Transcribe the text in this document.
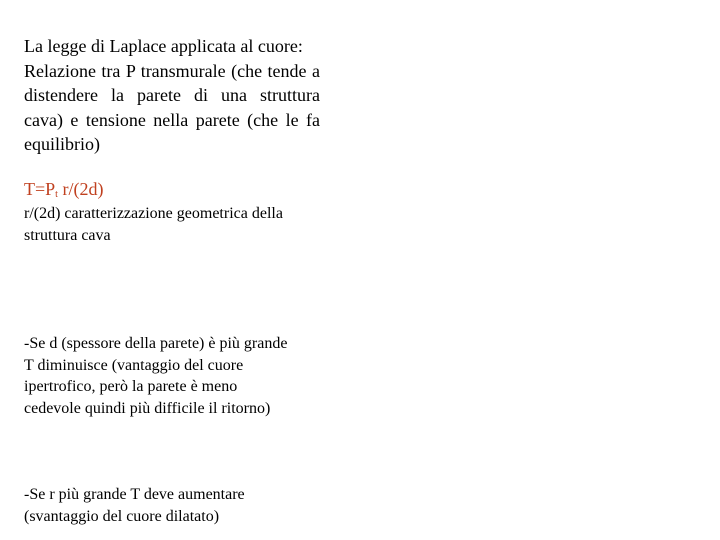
La legge di Laplace applicata al cuore:

Relazione tra P transmurale (che tende a distendere la parete di una struttura cava) e tensione nella parete (che le fa equilibrio)

$T=P_t$ r/(2d)
r/(2d) caratterizzazione geometrica della
struttura cava
-Se d (spessore della parete) è più grande
T diminuisce (vantaggio del cuore
ipertrofico, però la parete è meno
cedevole quindi più difficile il ritorno)
-Se r più grande T deve aumentare
(svantaggio del cuore dilatato)
